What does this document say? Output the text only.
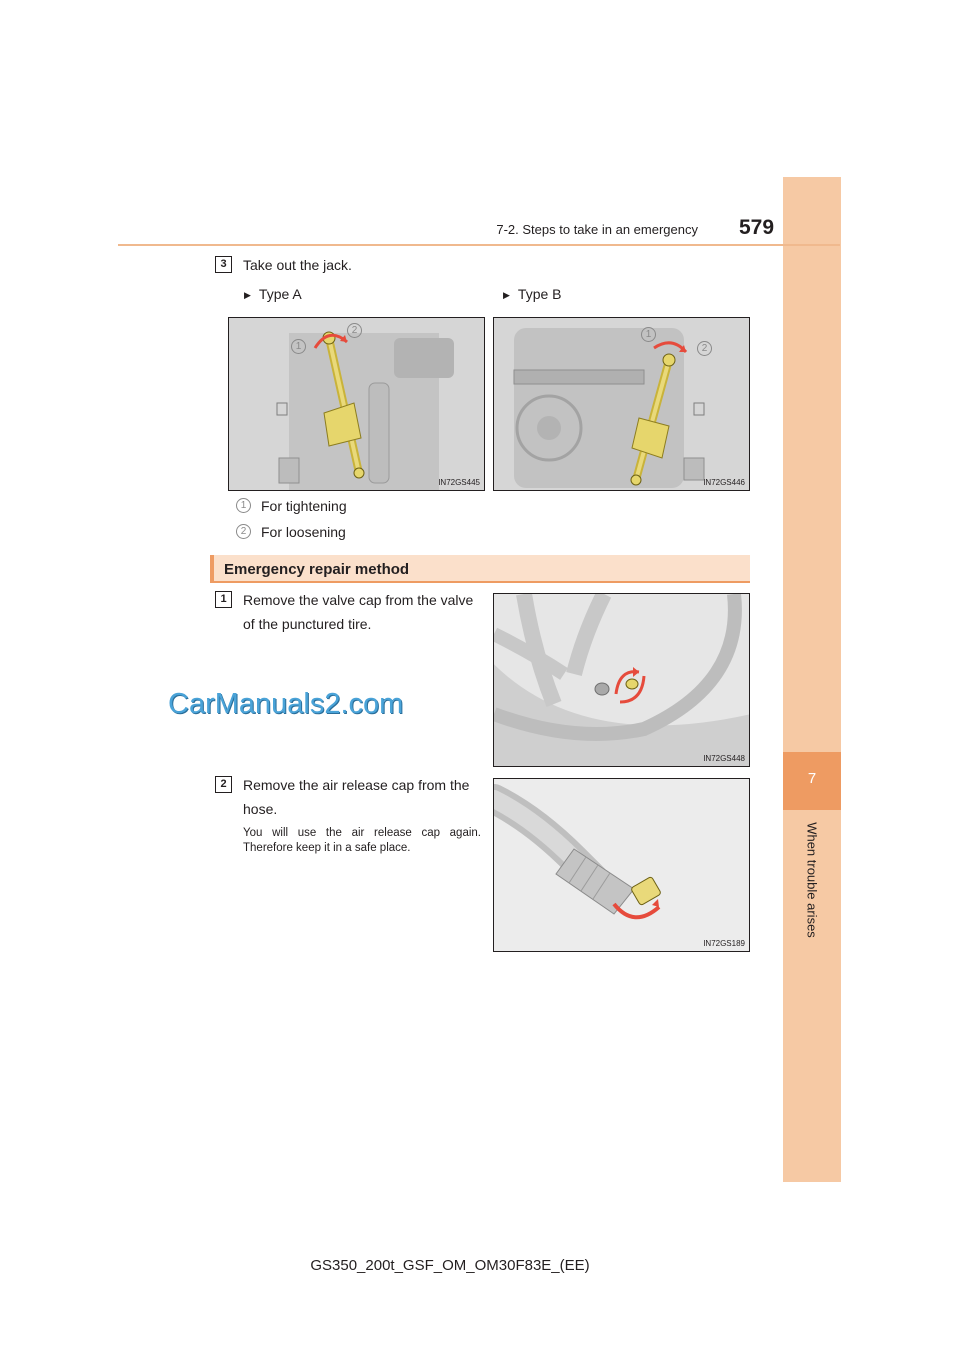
7
When trouble arises
7-2. Steps to take in an emergency 579
3	Take out the jack.
▶ Type A	▶ Type B
IN72GS445
1
2
IN72GS446
1
2
1	For tightening
2	For loosening
Emergency repair method
1	Remove the valve cap from the valve of the punctured tire.
IN72GS448
CarManuals2.com
2	Remove the air release cap from the hose.
You will use the air release cap again. Therefore keep it in a safe place.
IN72GS189
GS350_200t_GSF_OM_OM30F83E_(EE)
